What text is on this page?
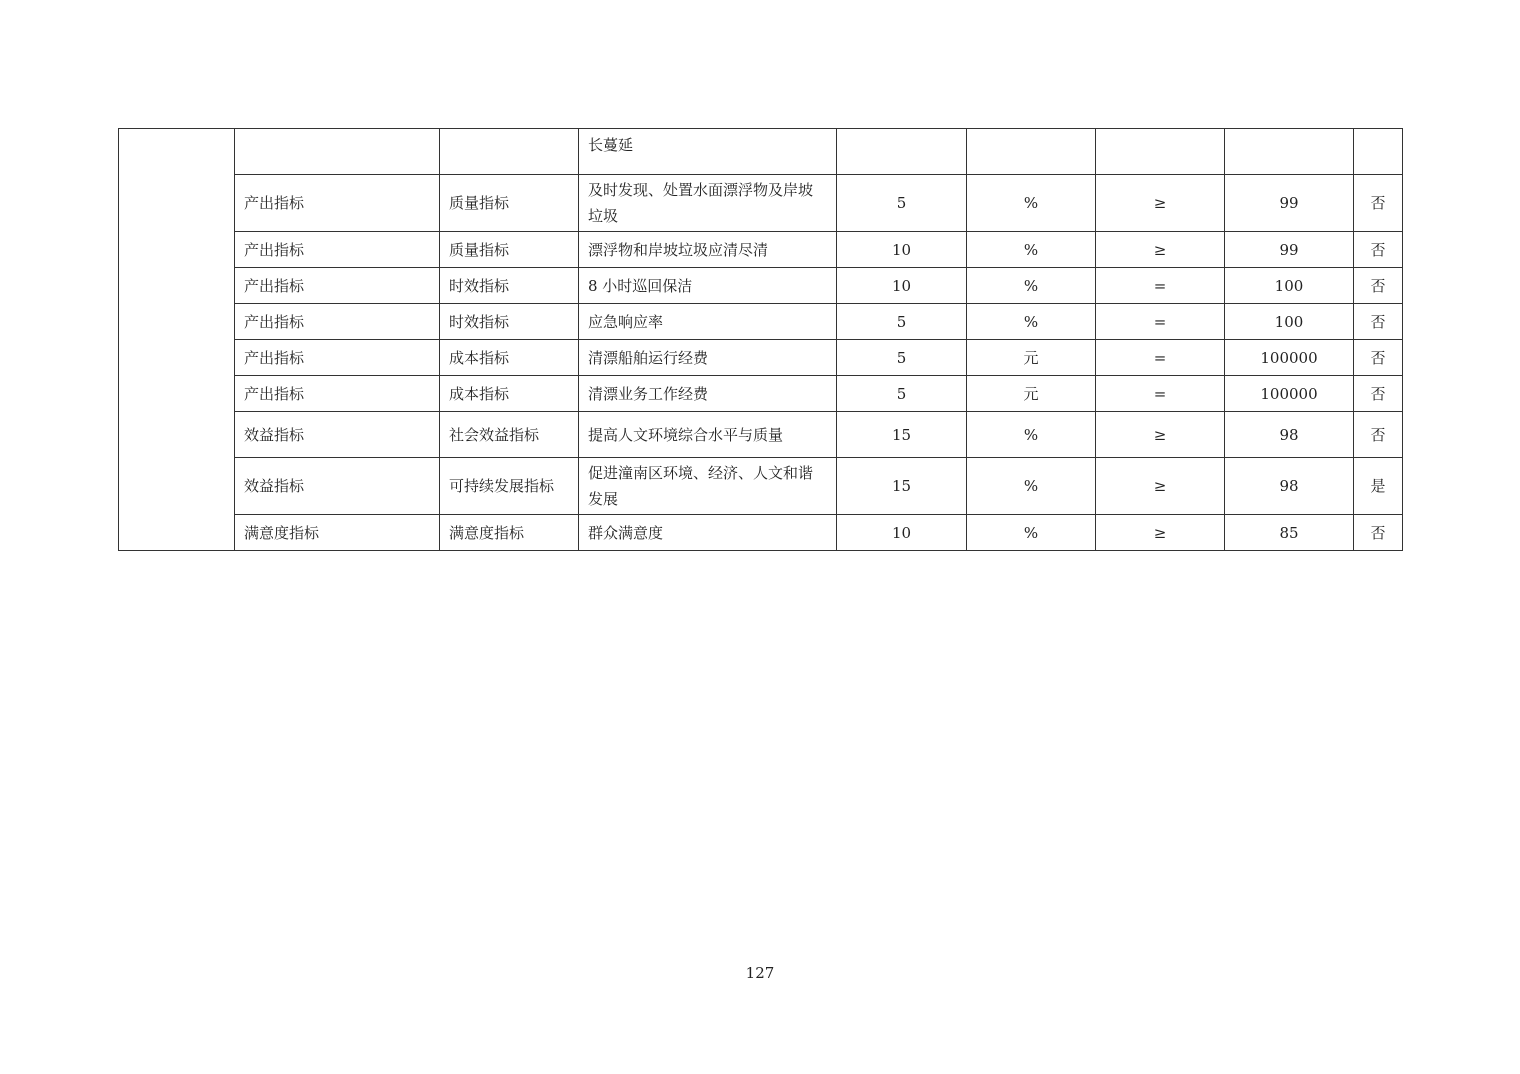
			长蔓延					
	产出指标	质量指标	及时发现、处置水面漂浮物及岸坡垃圾	5	%	≥	99	否
	产出指标	质量指标	漂浮物和岸坡垃圾应清尽清	10	%	≥	99	否
	产出指标	时效指标	8 小时巡回保洁	10	%	=	100	否
	产出指标	时效指标	应急响应率	5	%	=	100	否
	产出指标	成本指标	清漂船舶运行经费	5	元	=	100000	否
	产出指标	成本指标	清漂业务工作经费	5	元	=	100000	否
	效益指标	社会效益指标	提高人文环境综合水平与质量	15	%	≥	98	否
	效益指标	可持续发展指标	促进潼南区环境、经济、人文和谐发展	15	%	≥	98	是
	满意度指标	满意度指标	群众满意度	10	%	≥	85	否
127
